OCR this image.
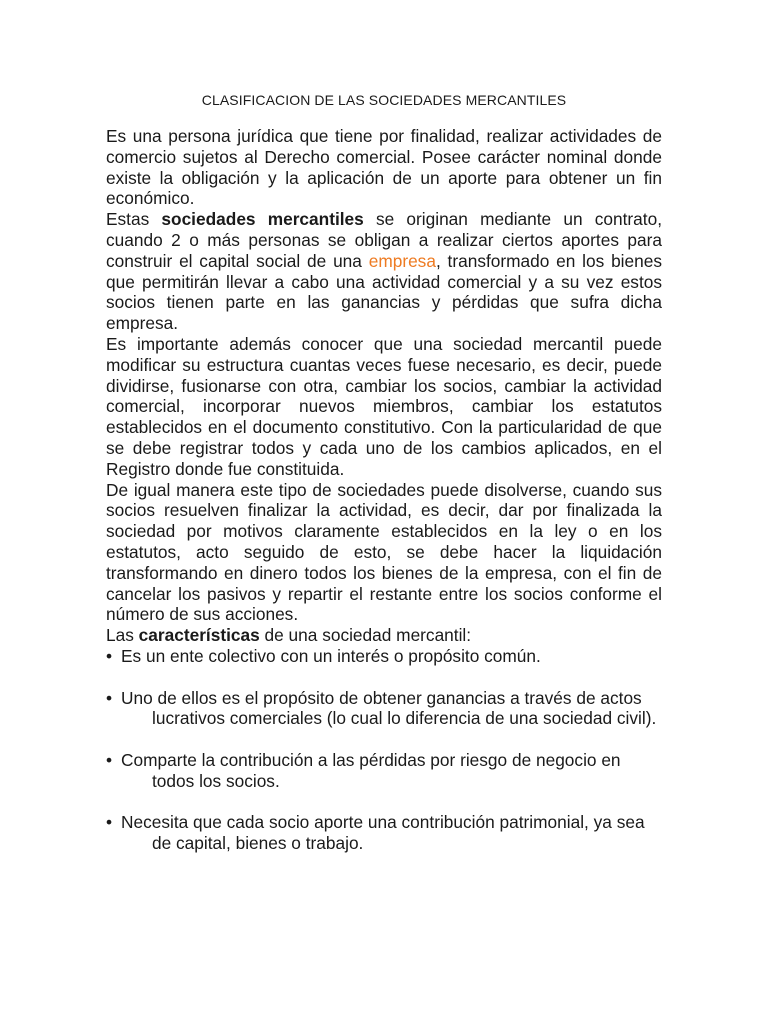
CLASIFICACION DE LAS SOCIEDADES MERCANTILES

Es una persona jurídica que tiene por finalidad, realizar actividades de comercio sujetos al Derecho comercial. Posee carácter nominal donde existe la obligación y la aplicación de un aporte para obtener un fin económico.

Estas sociedades mercantiles se originan mediante un contrato, cuando 2 o más personas se obligan a realizar ciertos aportes para construir el capital social de una empresa, transformado en los bienes que permitirán llevar a cabo una actividad comercial y a su vez estos socios tienen parte en las ganancias y pérdidas que sufra dicha empresa.

Es importante además conocer que una sociedad mercantil puede modificar su estructura cuantas veces fuese necesario, es decir, puede dividirse, fusionarse con otra, cambiar los socios, cambiar la actividad comercial, incorporar nuevos miembros, cambiar los estatutos establecidos en el documento constitutivo. Con la particularidad de que se debe registrar todos y cada uno de los cambios aplicados, en el Registro donde fue constituida.

De igual manera este tipo de sociedades puede disolverse, cuando sus socios resuelven finalizar la actividad, es decir, dar por finalizada la sociedad por motivos claramente establecidos en la ley o en los estatutos, acto seguido de esto, se debe hacer la liquidación transformando en dinero todos los bienes de la empresa, con el fin de cancelar los pasivos y repartir el restante entre los socios conforme el número de sus acciones.

Las características de una sociedad mercantil:

• Es un ente colectivo con un interés o propósito común.
• Uno de ellos es el propósito de obtener ganancias a través de actos
lucrativos comerciales (lo cual lo diferencia de una sociedad civil).
• Comparte la contribución a las pérdidas por riesgo de negocio en
todos los socios.
• Necesita que cada socio aporte una contribución patrimonial, ya sea
de capital, bienes o trabajo.
